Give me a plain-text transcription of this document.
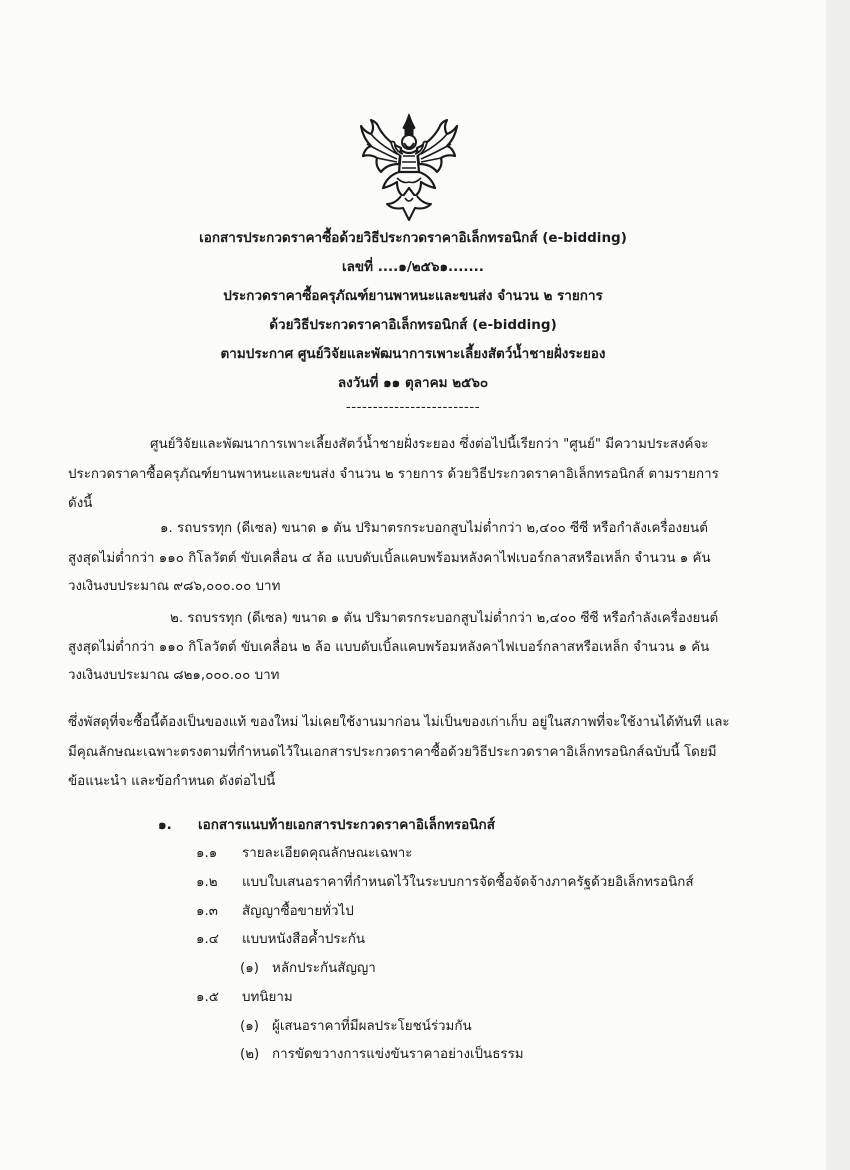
เอกสารประกวดราคาซื้อด้วยวิธีประกวดราคาอิเล็กทรอนิกส์ (e-bidding)
เลขที่ ....๑/๒๕๖๑.......
ประกวดราคาซื้อครุภัณฑ์ยานพาหนะและขนส่ง จำนวน ๒ รายการ
ด้วยวิธีประกวดราคาอิเล็กทรอนิกส์ (e-bidding)
ตามประกาศ ศูนย์วิจัยและพัฒนาการเพาะเลี้ยงสัตว์น้ำชายฝั่งระยอง
ลงวันที่ ๑๑ ตุลาคม ๒๕๖๐
-------------------------
ศูนย์วิจัยและพัฒนาการเพาะเลี้ยงสัตว์น้ำชายฝั่งระยอง ซึ่งต่อไปนี้เรียกว่า "ศูนย์" มีความประสงค์จะ
ประกวดราคาซื้อครุภัณฑ์ยานพาหนะและขนส่ง จำนวน ๒ รายการ ด้วยวิธีประกวดราคาอิเล็กทรอนิกส์ ตามรายการ
ดังนี้
๑. รถบรรทุก (ดีเซล) ขนาด ๑ ตัน ปริมาตรกระบอกสูบไม่ต่ำกว่า ๒,๔๐๐ ซีซี หรือกำลังเครื่องยนต์
สูงสุดไม่ต่ำกว่า ๑๑๐ กิโลวัตต์ ขับเคลื่อน ๔ ล้อ แบบดับเบิ้ลแคบพร้อมหลังคาไฟเบอร์กลาสหรือเหล็ก จำนวน ๑ คัน
วงเงินงบประมาณ ๙๘๖,๐๐๐.๐๐ บาท
๒. รถบรรทุก (ดีเซล) ขนาด ๑ ตัน ปริมาตรกระบอกสูบไม่ต่ำกว่า ๒,๔๐๐ ซีซี หรือกำลังเครื่องยนต์
สูงสุดไม่ต่ำกว่า ๑๑๐ กิโลวัตต์ ขับเคลื่อน ๒ ล้อ แบบดับเบิ้ลแคบพร้อมหลังคาไฟเบอร์กลาสหรือเหล็ก จำนวน ๑ คัน
วงเงินงบประมาณ ๘๒๑,๐๐๐.๐๐ บาท
ซึ่งพัสดุที่จะซื้อนี้ต้องเป็นของแท้ ของใหม่ ไม่เคยใช้งานมาก่อน ไม่เป็นของเก่าเก็บ อยู่ในสภาพที่จะใช้งานได้ทันที และ
มีคุณลักษณะเฉพาะตรงตามที่กำหนดไว้ในเอกสารประกวดราคาซื้อด้วยวิธีประกวดราคาอิเล็กทรอนิกส์ฉบับนี้ โดยมี
ข้อแนะนำ และข้อกำหนด ดังต่อไปนี้
๑. เอกสารแนบท้ายเอกสารประกวดราคาอิเล็กทรอนิกส์
๑.๑ รายละเอียดคุณลักษณะเฉพาะ
๑.๒ แบบใบเสนอราคาที่กำหนดไว้ในระบบการจัดซื้อจัดจ้างภาครัฐด้วยอิเล็กทรอนิกส์
๑.๓ สัญญาซื้อขายทั่วไป
๑.๔ แบบหนังสือค้ำประกัน
(๑) หลักประกันสัญญา
๑.๕ บทนิยาม
(๑) ผู้เสนอราคาที่มีผลประโยชน์ร่วมกัน
(๒) การขัดขวางการแข่งขันราคาอย่างเป็นธรรม
